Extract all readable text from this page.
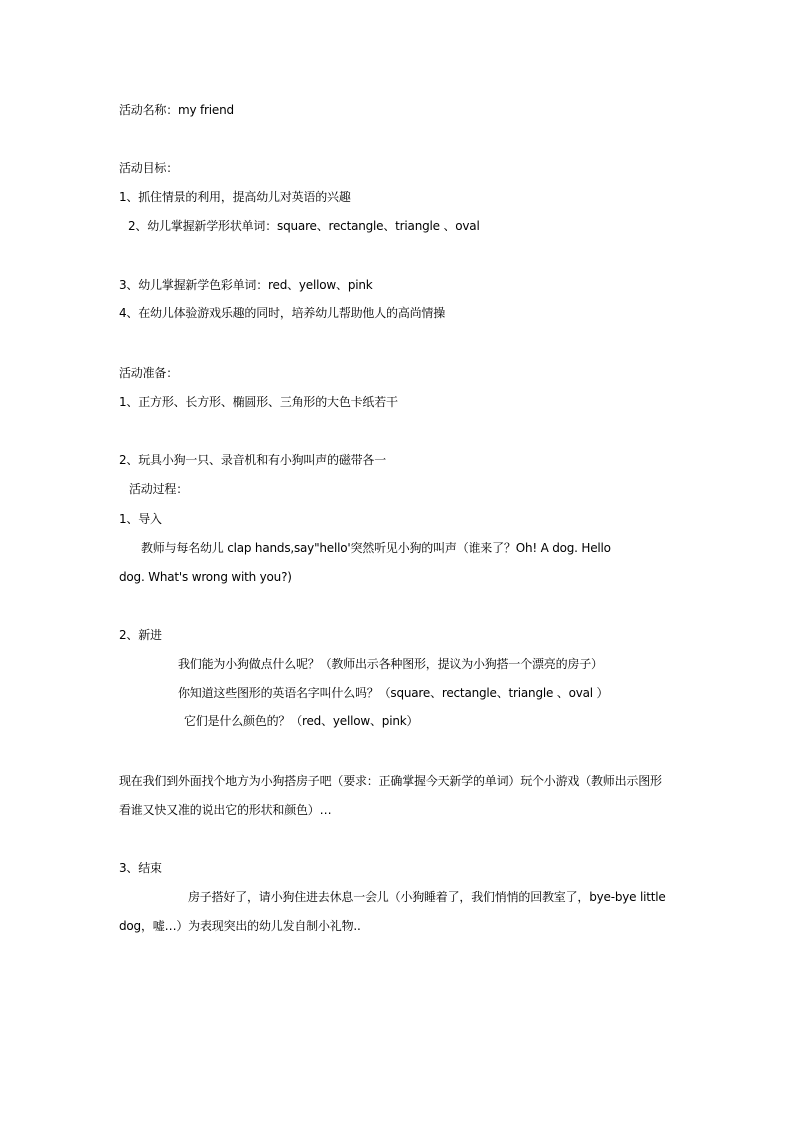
活动名称：my friend
活动目标：
1、抓住情景的利用，提高幼儿对英语的兴趣
2、幼儿掌握新学形状单词：square、rectangle、triangle 、oval
3、幼儿掌握新学色彩单词：red、yellow、pink
4、在幼儿体验游戏乐趣的同时，培养幼儿帮助他人的高尚情操
活动准备：
1、正方形、长方形、椭圆形、三角形的大色卡纸若干
2、玩具小狗一只、录音机和有小狗叫声的磁带各一
活动过程：
1、导入
教师与每名幼儿 clap hands,say"hello'突然听见小狗的叫声（谁来了？Oh! A dog. Hello
dog. What's wrong with you?)
2、新进
我们能为小狗做点什么呢？（教师出示各种图形，提议为小狗搭一个漂亮的房子）
你知道这些图形的英语名字叫什么吗？（square、rectangle、triangle 、oval ）
它们是什么颜色的？（red、yellow、pink）
现在我们到外面找个地方为小狗搭房子吧（要求：正确掌握今天新学的单词）玩个小游戏（教师出示图形
看谁又快又准的说出它的形状和颜色）…
3、结束
房子搭好了，请小狗住进去休息一会儿（小狗睡着了，我们悄悄的回教室了，bye-bye little
dog，嘘…）为表现突出的幼儿发自制小礼物..
